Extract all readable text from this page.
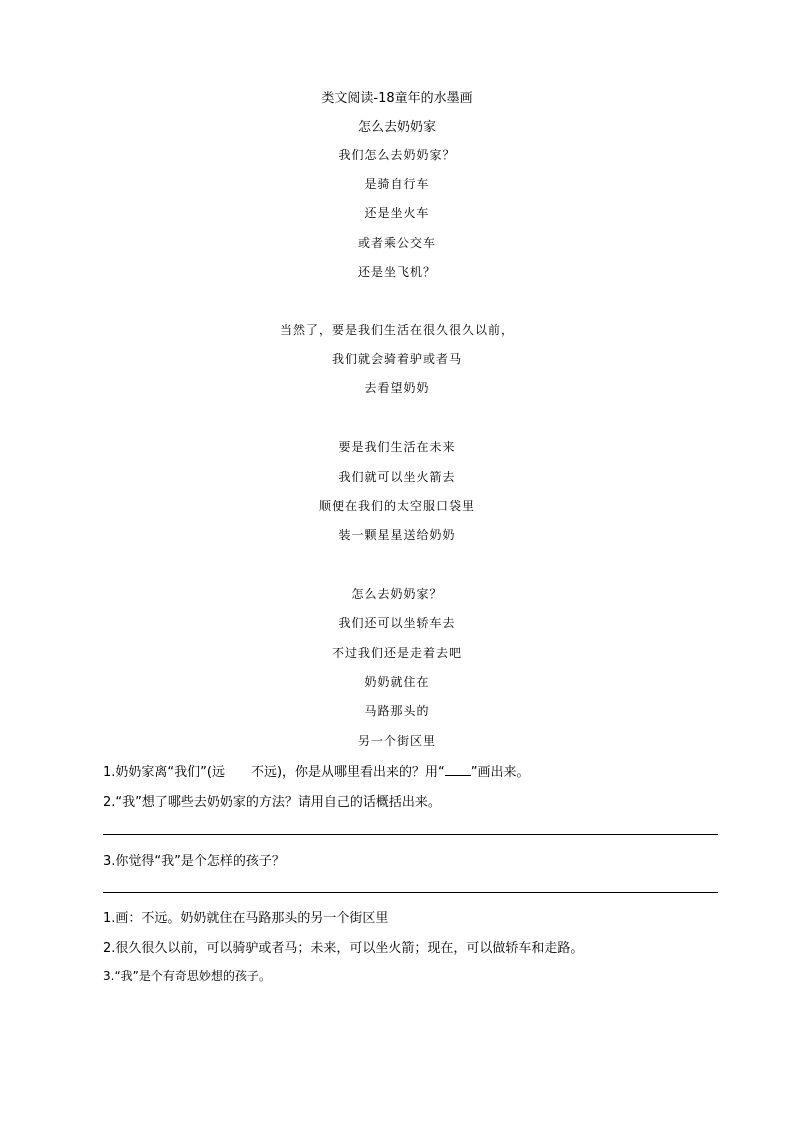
类文阅读-18童年的水墨画
怎么去奶奶家
我们怎么去奶奶家？
是骑自行车
还是坐火车
或者乘公交车
还是坐飞机？
当然了，要是我们生活在很久很久以前，
我们就会骑着驴或者马
去看望奶奶
要是我们生活在未来
我们就可以坐火箭去
顺便在我们的太空服口袋里
装一颗星星送给奶奶
怎么去奶奶家？
我们还可以坐轿车去
不过我们还是走着去吧
奶奶就住在
马路那头的
另一个街区里
1.奶奶家离“我们”(远 不远)，你是从哪里看出来的？用“ ”画出来。
2.“我”想了哪些去奶奶家的方法？请用自己的话概括出来。
3.你觉得“我”是个怎样的孩子？
1.画：不远。奶奶就住在马路那头的另一个街区里
2.很久很久以前，可以骑驴或者马；未来，可以坐火箭；现在，可以做轿车和走路。
3.“我”是个有奇思妙想的孩子。
